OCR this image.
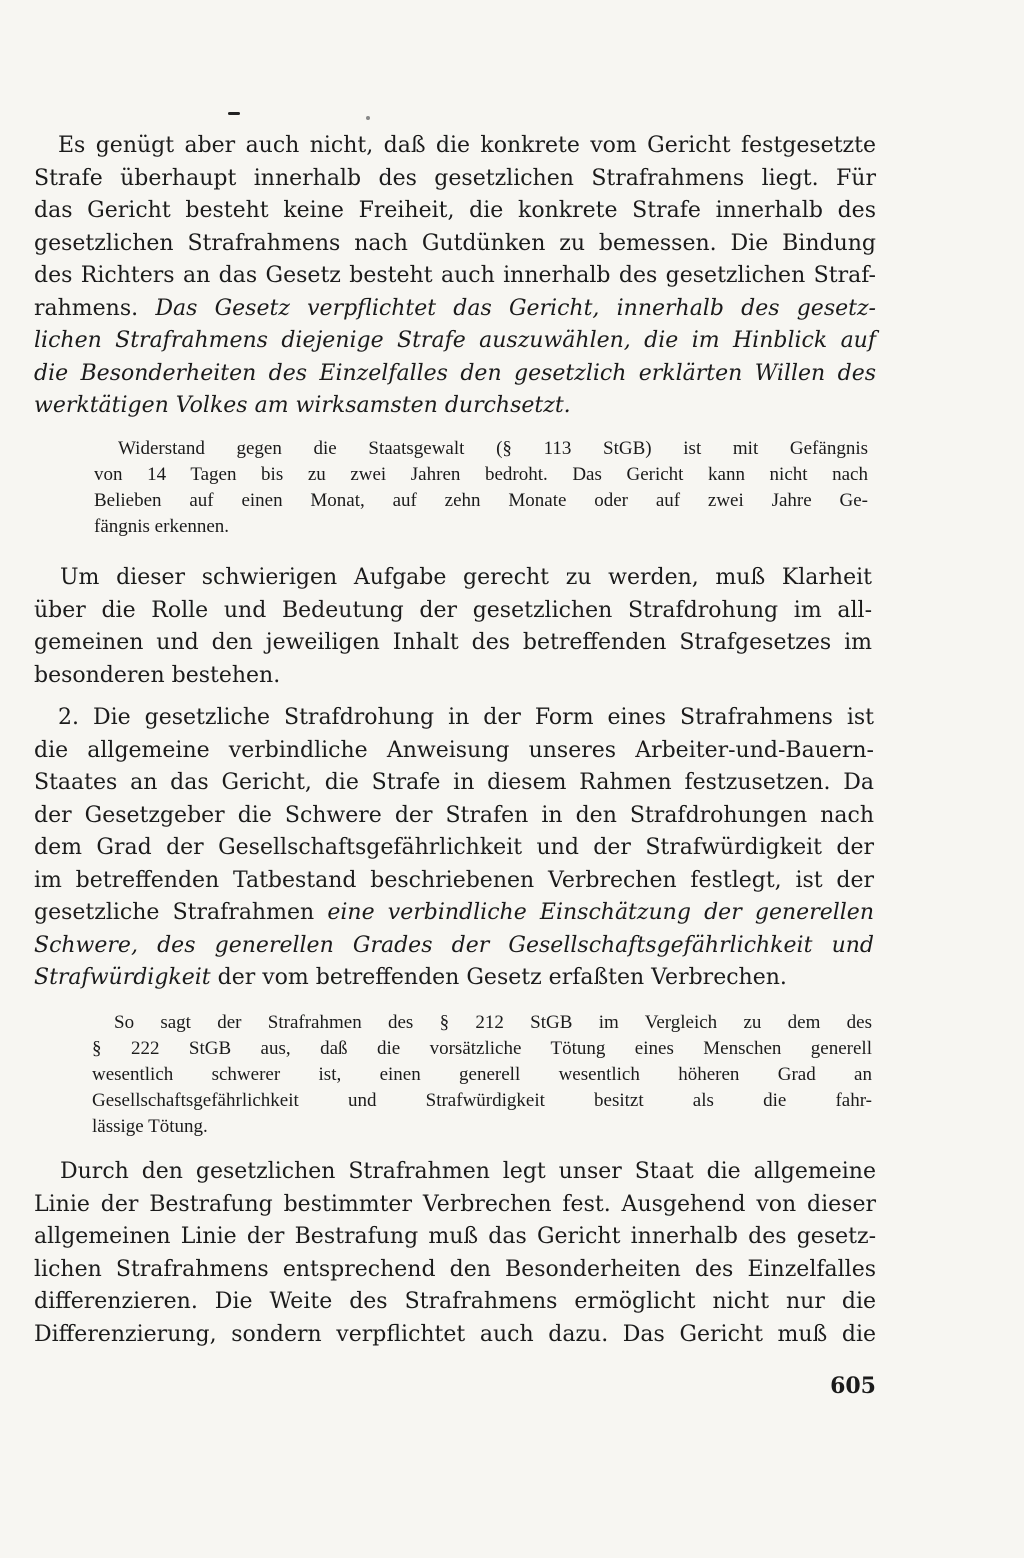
Es genügt aber auch nicht, daß die konkrete vom Gericht festgesetzte
Strafe überhaupt innerhalb des gesetzlichen Strafrahmens liegt. Für
das Gericht besteht keine Freiheit, die konkrete Strafe innerhalb des
gesetzlichen Strafrahmens nach Gutdünken zu bemessen. Die Bindung
des Richters an das Gesetz besteht auch innerhalb des gesetzlichen Straf-
rahmens. Das Gesetz verpflichtet das Gericht, innerhalb des gesetz-
lichen Strafrahmens diejenige Strafe auszuwählen, die im Hinblick auf
die Besonderheiten des Einzelfalles den gesetzlich erklärten Willen des
werktätigen Volkes am wirksamsten durchsetzt.
Widerstand gegen die Staatsgewalt (§ 113 StGB) ist mit Gefängnis
von 14 Tagen bis zu zwei Jahren bedroht. Das Gericht kann nicht nach
Belieben auf einen Monat, auf zehn Monate oder auf zwei Jahre Ge-
fängnis erkennen.
Um dieser schwierigen Aufgabe gerecht zu werden, muß Klarheit
über die Rolle und Bedeutung der gesetzlichen Strafdrohung im all-
gemeinen und den jeweiligen Inhalt des betreffenden Strafgesetzes im
besonderen bestehen.
2. Die gesetzliche Strafdrohung in der Form eines Strafrahmens ist
die allgemeine verbindliche Anweisung unseres Arbeiter-und-Bauern-
Staates an das Gericht, die Strafe in diesem Rahmen festzusetzen. Da
der Gesetzgeber die Schwere der Strafen in den Strafdrohungen nach
dem Grad der Gesellschaftsgefährlichkeit und der Strafwürdigkeit der
im betreffenden Tatbestand beschriebenen Verbrechen festlegt, ist der
gesetzliche Strafrahmen eine verbindliche Einschätzung der generellen
Schwere, des generellen Grades der Gesellschaftsgefährlichkeit und
Strafwürdigkeit der vom betreffenden Gesetz erfaßten Verbrechen.
So sagt der Strafrahmen des § 212 StGB im Vergleich zu dem des
§ 222 StGB aus, daß die vorsätzliche Tötung eines Menschen generell
wesentlich schwerer ist, einen generell wesentlich höheren Grad an
Gesellschaftsgefährlichkeit und Strafwürdigkeit besitzt als die fahr-
lässige Tötung.
Durch den gesetzlichen Strafrahmen legt unser Staat die allgemeine
Linie der Bestrafung bestimmter Verbrechen fest. Ausgehend von dieser
allgemeinen Linie der Bestrafung muß das Gericht innerhalb des gesetz-
lichen Strafrahmens entsprechend den Besonderheiten des Einzelfalles
differenzieren. Die Weite des Strafrahmens ermöglicht nicht nur die
Differenzierung, sondern verpflichtet auch dazu. Das Gericht muß die
605
